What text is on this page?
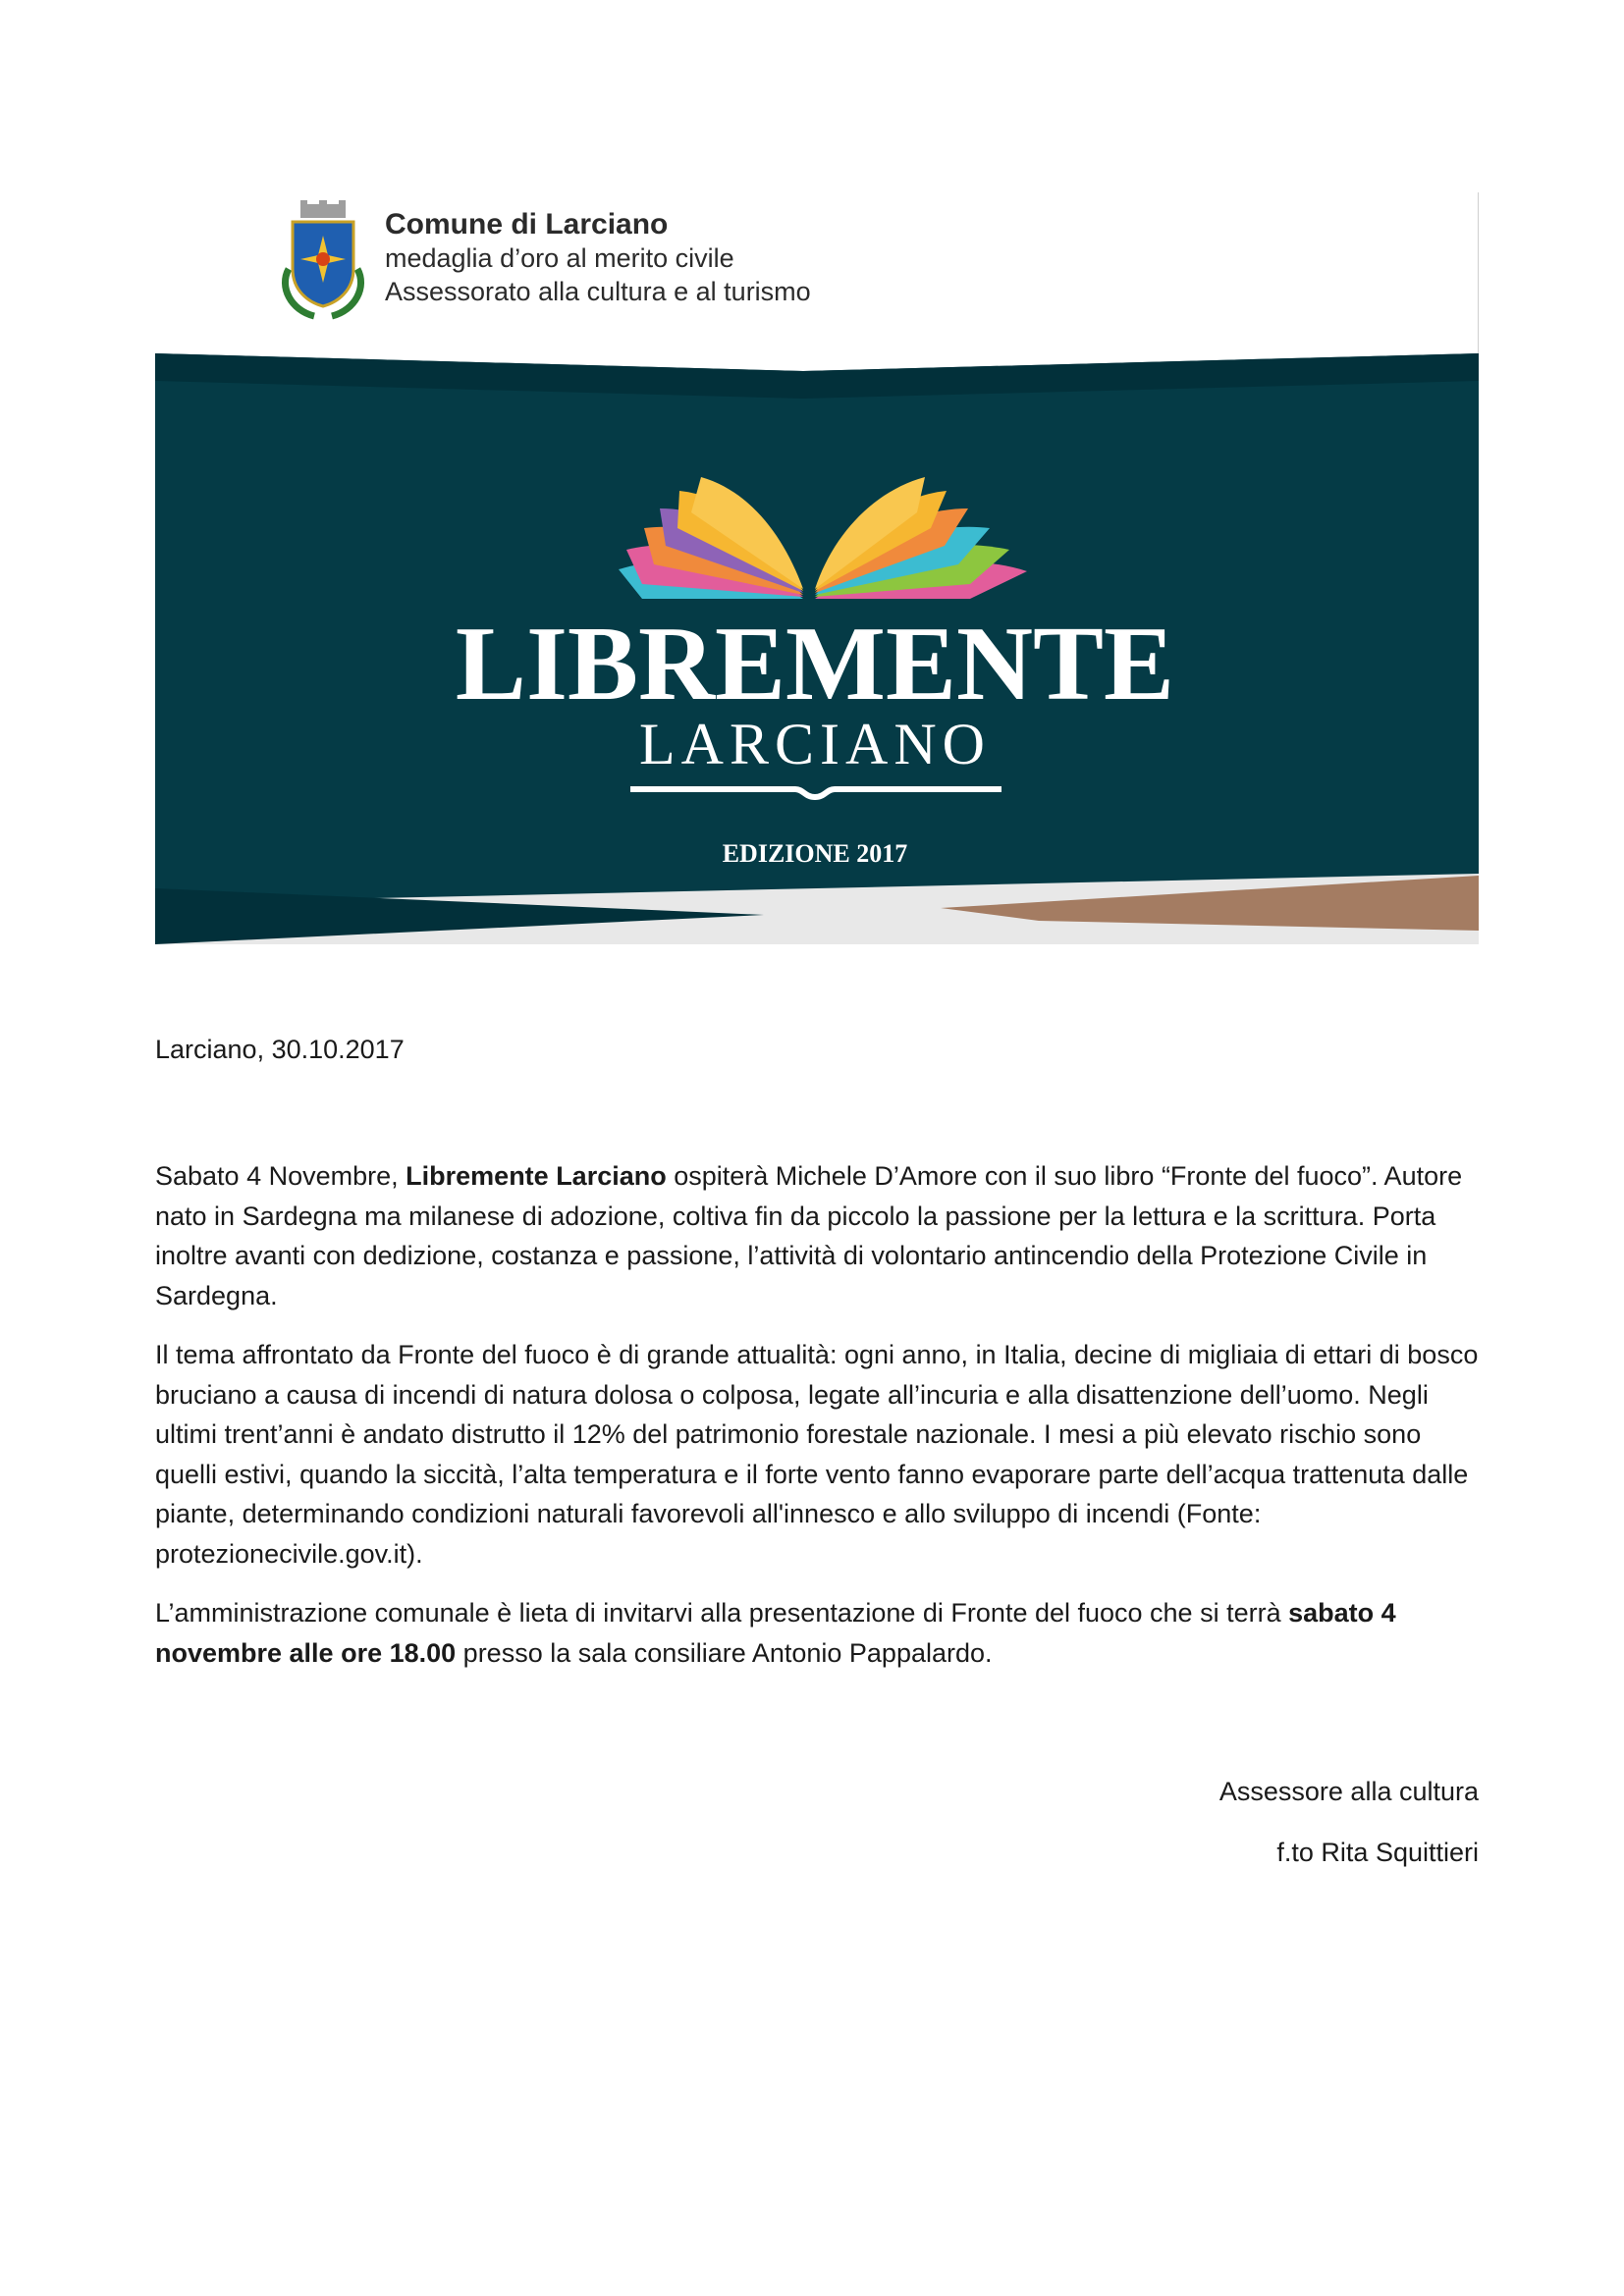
Comune di Larciano
medaglia d’oro al merito civile
Assessorato alla cultura e al turismo
LIBREMENTE
LARCIANO
EDIZIONE 2017
Larciano, 30.10.2017

Sabato 4 Novembre, Libremente Larciano ospiterà Michele D’Amore con il suo libro “Fronte del fuoco”. Autore nato in Sardegna ma milanese di adozione, coltiva fin da piccolo la passione per la lettura e la scrittura. Porta inoltre avanti con dedizione, costanza e passione, l’attività di volontario antincendio della Protezione Civile in Sardegna.

Il tema affrontato da Fronte del fuoco è di grande attualità: ogni anno, in Italia, decine di migliaia di ettari di bosco bruciano a causa di incendi di natura dolosa o colposa, legate all’incuria e alla disattenzione dell’uomo. Negli ultimi trent’anni è andato distrutto il 12% del patrimonio forestale nazionale. I mesi a più elevato rischio sono quelli estivi, quando la siccità, l’alta temperatura e il forte vento fanno evaporare parte dell’acqua trattenuta dalle piante, determinando condizioni naturali favorevoli all'innesco e allo sviluppo di incendi (Fonte: protezionecivile.gov.it).

L’amministrazione comunale è lieta di invitarvi alla presentazione di Fronte del fuoco che si terrà sabato 4 novembre alle ore 18.00 presso la sala consiliare Antonio Pappalardo.

Assessore alla cultura
f.to Rita Squittieri
